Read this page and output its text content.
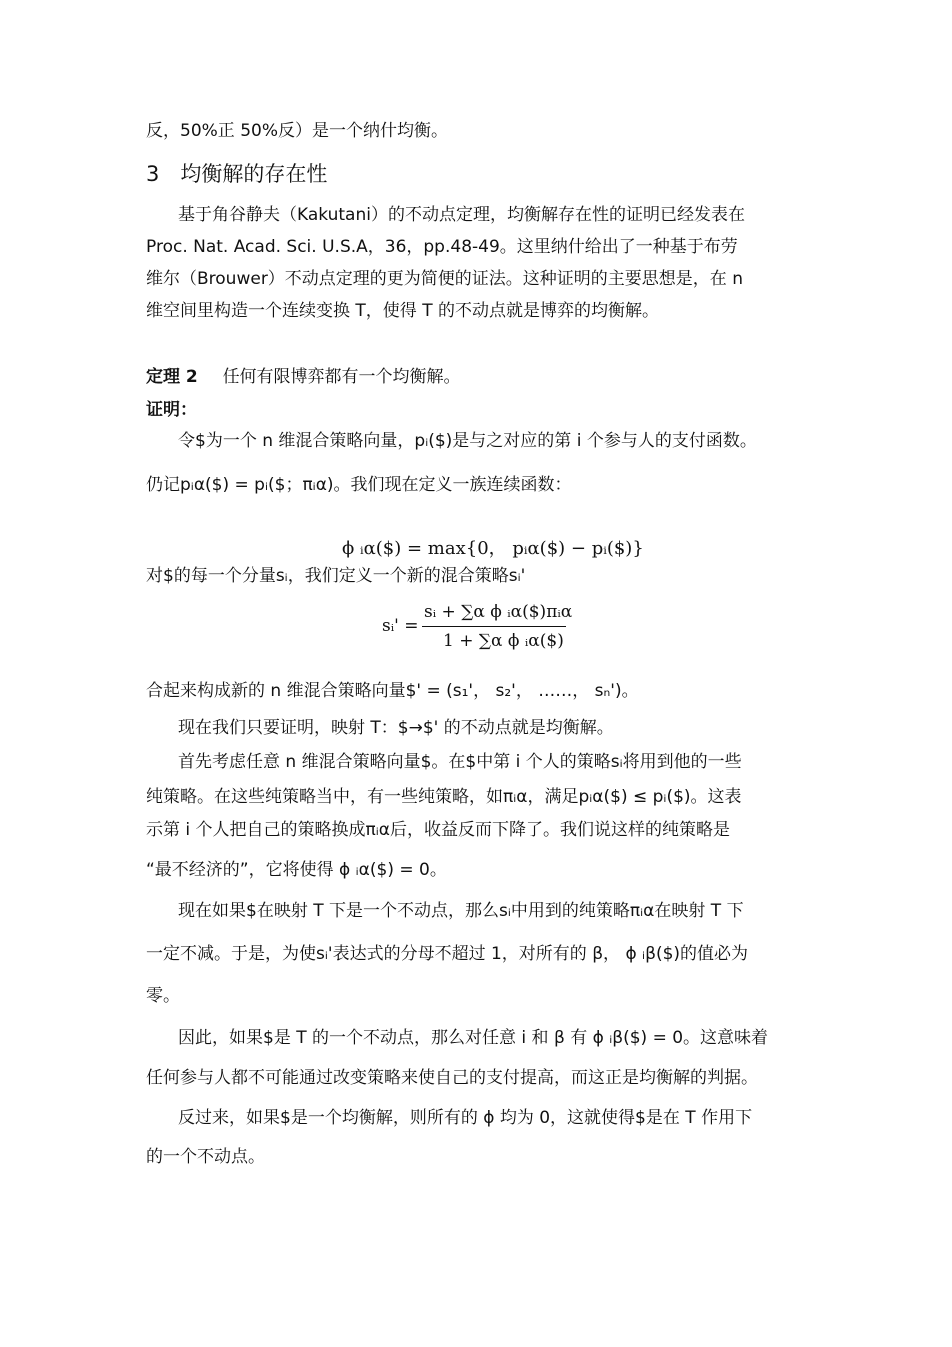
反，50%正 50%反）是一个纳什均衡。

3　均衡解的存在性

基于角谷静夫（Kakutani）的不动点定理，均衡解存在性的证明已经发表在

Proc. Nat. Acad. Sci. U.S.A，36，pp.48-49。这里纳什给出了一种基于布劳

维尔（Brouwer）不动点定理的更为简便的证法。这种证明的主要思想是，在 n

维空间里构造一个连续变换 T，使得 T 的不动点就是博弈的均衡解。

定理 2 任何有限博弈都有一个均衡解。

证明：

令$为一个 n 维混合策略向量，pᵢ($)是与之对应的第 i 个参与人的支付函数。

仍记pᵢα($) = pᵢ($；πᵢα)。我们现在定义一族连续函数：

ϕ ᵢα($) = max{0， pᵢα($) − pᵢ($)}

对$的每一个分量sᵢ，我们定义一个新的混合策略sᵢ'

sᵢ' =
sᵢ + ∑α ϕ ᵢα($)πᵢα
1 + ∑α ϕ ᵢα($)

合起来构成新的 n 维混合策略向量$' = (s₁'， s₂'， ……， sₙ')。

现在我们只要证明，映射 T：$→$' 的不动点就是均衡解。

首先考虑任意 n 维混合策略向量$。在$中第 i 个人的策略sᵢ将用到他的一些

纯策略。在这些纯策略当中，有一些纯策略，如πᵢα，满足pᵢα($) ≤ pᵢ($)。这表

示第 i 个人把自己的策略换成πᵢα后，收益反而下降了。我们说这样的纯策略是

“最不经济的”，它将使得 ϕ ᵢα($) = 0。

现在如果$在映射 T 下是一个不动点，那么sᵢ中用到的纯策略πᵢα在映射 T 下

一定不减。于是，为使sᵢ'表达式的分母不超过 1，对所有的 β， ϕ ᵢβ($)的值必为

零。

因此，如果$是 T 的一个不动点，那么对任意 i 和 β 有 ϕ ᵢβ($) = 0。这意味着

任何参与人都不可能通过改变策略来使自己的支付提高，而这正是均衡解的判据。

反过来，如果$是一个均衡解，则所有的 ϕ 均为 0，这就使得$是在 T 作用下

的一个不动点。
